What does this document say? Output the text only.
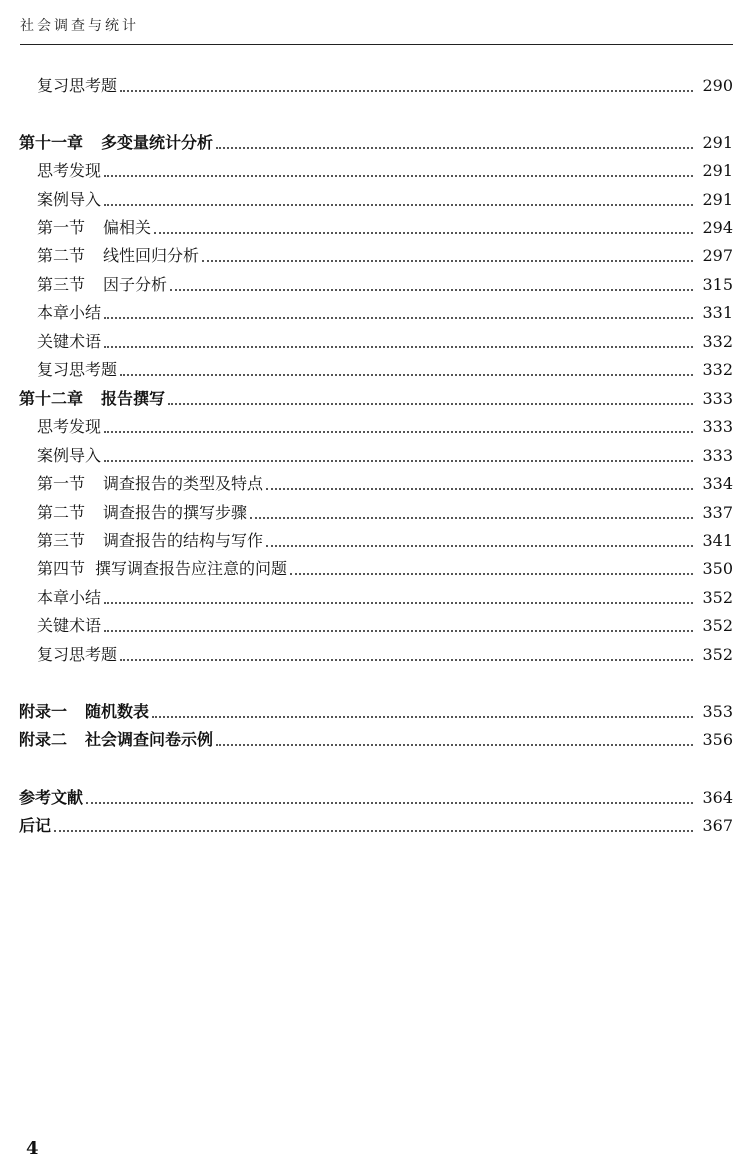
社会调查与统计
复习思考题	290
第十一章 多变量统计分析	291
思考发现	291
案例导入	291
第一节 偏相关	294
第二节 线性回归分析	297
第三节 因子分析	315
本章小结	331
关键术语	332
复习思考题	332
第十二章 报告撰写	333
思考发现	333
案例导入	333
第一节 调查报告的类型及特点	334
第二节 调查报告的撰写步骤	337
第三节 调查报告的结构与写作	341
第四节 撰写调查报告应注意的问题	350
本章小结	352
关键术语	352
复习思考题	352
附录一 随机数表	353
附录二 社会调查问卷示例	356
参考文献	364
后记	367
4
